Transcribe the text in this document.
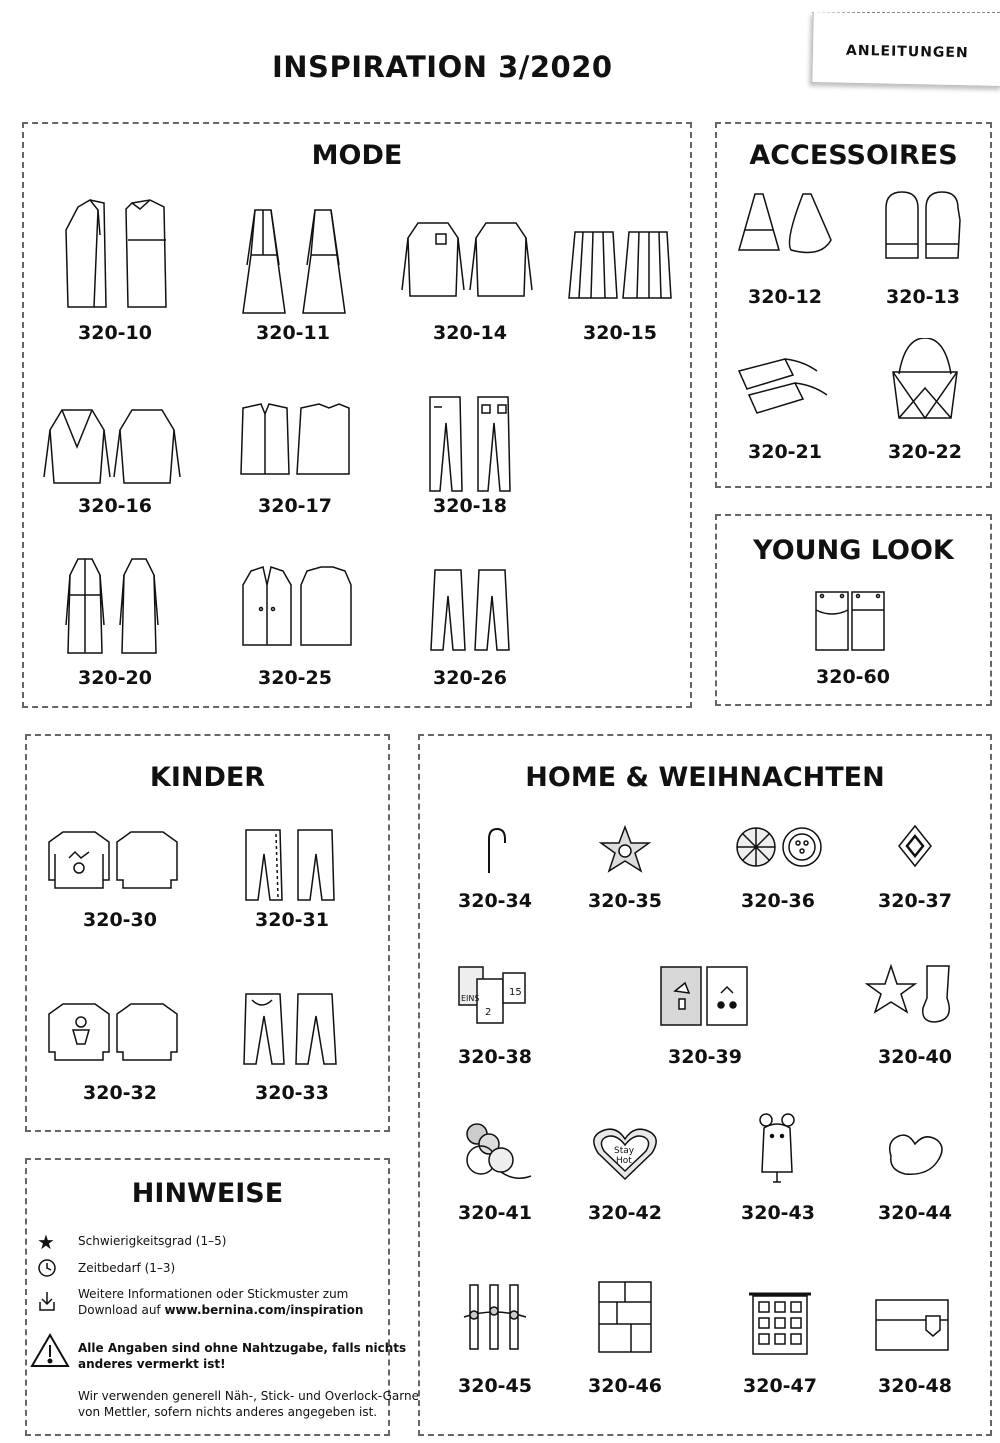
ANLEITUNGEN
INSPIRATION 3/2020
MODE	ACCESSOIRES
YOUNG LOOK
KINDER
HINWEISE
HOME & WEIHNACHTEN
320-10	320-11	320-14	320-15
320-16	320-17	320-18
320-20	320-25	320-26
320-12	320-13
320-21	320-22
320-60
320-30	320-31
320-32	320-33
★ Schwierigkeitsgrad (1–5)
Zeitbedarf (1–3)
Weitere Informationen oder Stickmuster zum
Download auf www.bernina.com/inspiration
Alle Angaben sind ohne Nahtzugabe, falls nichts
anderes vermerkt ist!
Wir verwenden generell Näh-, Stick- und Overlock-Garne
von Mettler, sofern nichts anderes angegeben ist.
320-34	320-35	320-36	320-37
EINS
2
15
320-38	320-39	320-40
320-41
Stay
Hot
320-42	320-43	320-44
320-45	320-46	320-47	320-48
